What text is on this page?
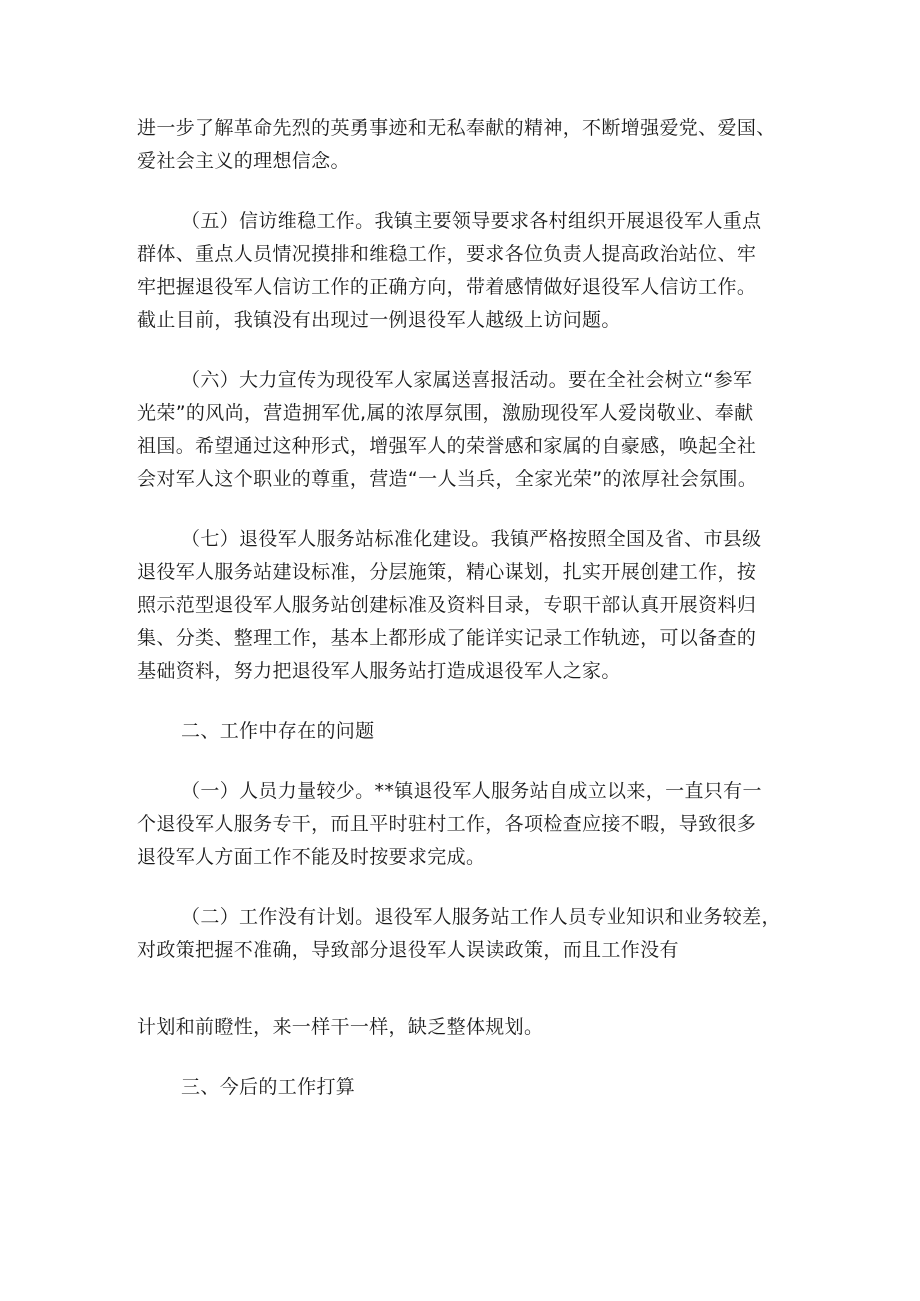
进一步了解革命先烈的英勇事迹和无私奉献的精神，不断增强爱党、爱国、
爱社会主义的理想信念。
（五）信访维稳工作。我镇主要领导要求各村组织开展退役军人重点
群体、重点人员情况摸排和维稳工作，要求各位负责人提高政治站位、牢
牢把握退役军人信访工作的正确方向，带着感情做好退役军人信访工作。
截止目前，我镇没有出现过一例退役军人越级上访问题。
（六）大力宣传为现役军人家属送喜报活动。要在全社会树立“参军
光荣”的风尚，营造拥军优,属的浓厚氛围，激励现役军人爱岗敬业、奉献
祖国。希望通过这种形式，增强军人的荣誉感和家属的自豪感，唤起全社
会对军人这个职业的尊重，营造“一人当兵，全家光荣”的浓厚社会氛围。
（七）退役军人服务站标准化建设。我镇严格按照全国及省、市县级
退役军人服务站建设标准，分层施策，精心谋划，扎实开展创建工作，按
照示范型退役军人服务站创建标准及资料目录，专职干部认真开展资料归
集、分类、整理工作，基本上都形成了能详实记录工作轨迹，可以备查的
基础资料，努力把退役军人服务站打造成退役军人之家。
二、工作中存在的问题
（一）人员力量较少。**镇退役军人服务站自成立以来，一直只有一
个退役军人服务专干，而且平时驻村工作，各项检查应接不暇，导致很多
退役军人方面工作不能及时按要求完成。
（二）工作没有计划。退役军人服务站工作人员专业知识和业务较差，
对政策把握不准确，导致部分退役军人误读政策，而且工作没有
计划和前瞪性，来一样干一样，缺乏整体规划。
三、今后的工作打算
